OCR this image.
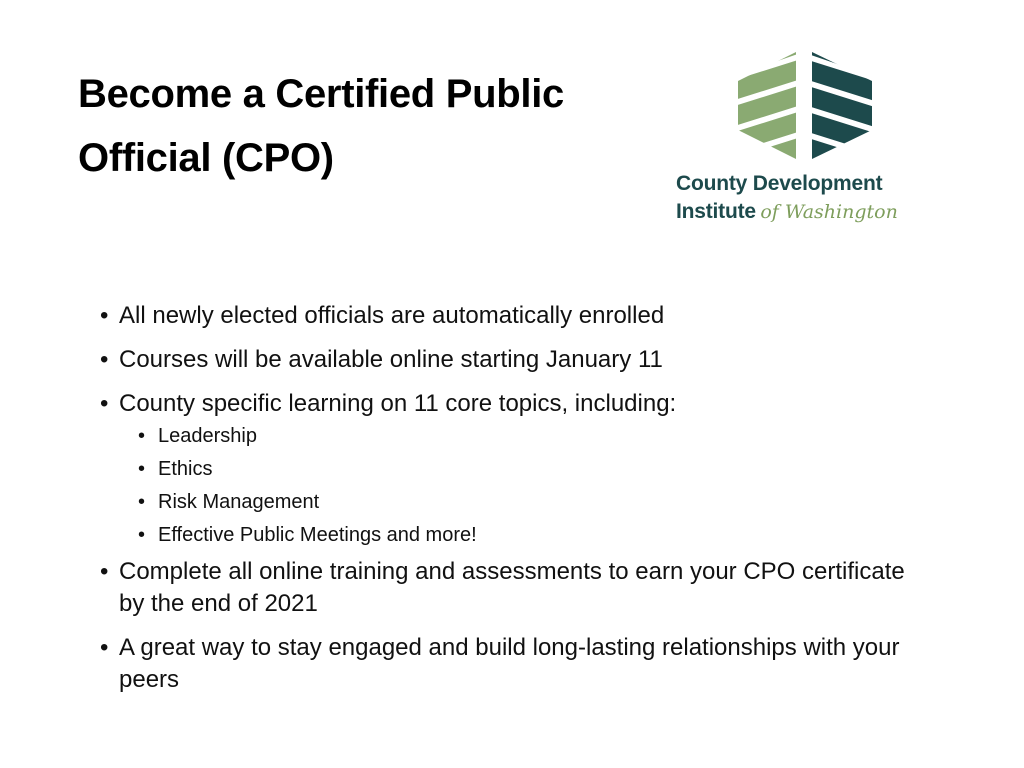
Become a Certified Public Official (CPO)
County Development
Institute of Washington
• All newly elected officials are automatically enrolled
• Courses will be available online starting January 11
• County specific learning on 11 core topics, including:
• Leadership
• Ethics
• Risk Management
• Effective Public Meetings and more!
• Complete all online training and assessments to earn your CPO certificate by the end of 2021
• A great way to stay engaged and build long-lasting relationships with your peers
